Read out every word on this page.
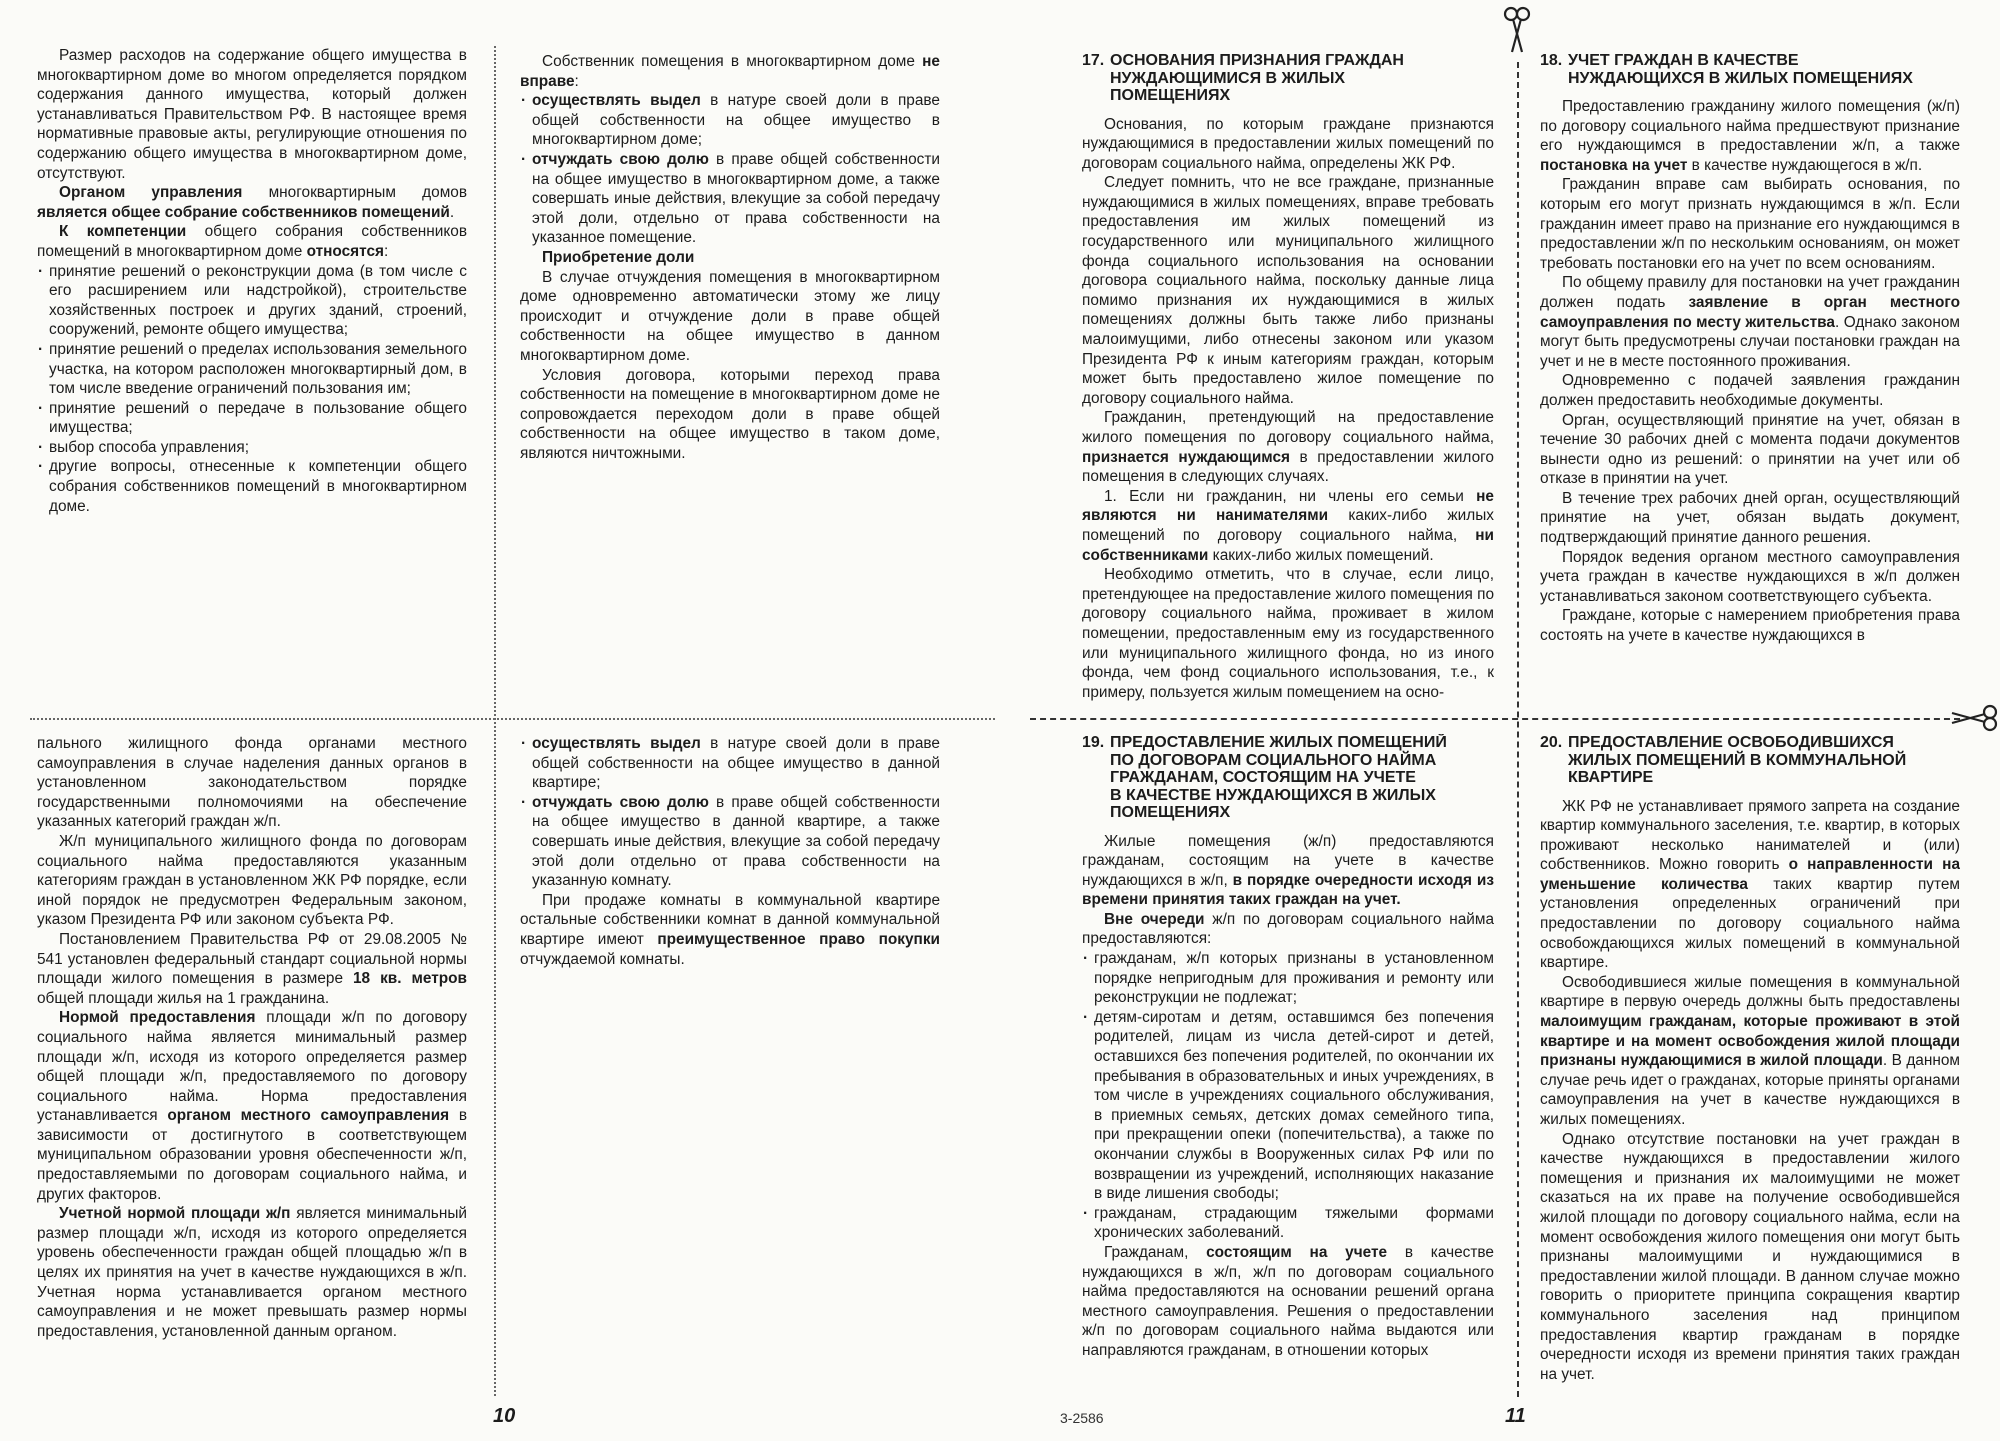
Размер расходов на содержание общего имущества в многоквартирном доме во многом определяется порядком содержания данного имущества, который должен устанавливаться Правительством РФ. В настоящее время нормативные правовые акты, регулирующие отношения по содержанию общего имущества в многоквартирном доме, отсутствуют.

Органом управления многоквартирным домов является общее собрание собственников помещений.

К компетенции общего собрания собственников помещений в многоквартирном доме относятся:

· принятие решений о реконструкции дома (в том числе с его расширением или надстройкой), строительстве хозяйственных построек и других зданий, строений, сооружений, ремонте общего имущества;
· принятие решений о пределах использования земельного участка, на котором расположен многоквартирный дом, в том числе введение ограничений пользования им;
· принятие решений о передаче в пользование общего имущества;
· выбор способа управления;
· другие вопросы, отнесенные к компетенции общего собрания собственников помещений в многоквартирном доме.

Собственник помещения в многоквартирном доме не вправе:

· осуществлять выдел в натуре своей доли в праве общей собственности на общее имущество в многоквартирном доме;
· отчуждать свою долю в праве общей собственности на общее имущество в многоквартирном доме, а также совершать иные действия, влекущие за собой передачу этой доли, отдельно от права собственности на указанное помещение.

Приобретение доли

В случае отчуждения помещения в многоквартирном доме одновременно автоматически этому же лицу происходит и отчуждение доли в праве общей собственности на общее имущество в данном многоквартирном доме.

Условия договора, которыми переход права собственности на помещение в многоквартирном доме не сопровождается переходом доли в праве общей собственности на общее имущество в таком доме, являются ничтожными.

пального жилищного фонда органами местного самоуправления в случае наделения данных органов в установленном законодательством порядке государственными полномочиями на обеспечение указанных категорий граждан ж/п.

Ж/п муниципального жилищного фонда по договорам социального найма предоставляются указанным категориям граждан в установленном ЖК РФ порядке, если иной порядок не предусмотрен Федеральным законом, указом Президента РФ или законом субъекта РФ.

Постановлением Правительства РФ от 29.08.2005 № 541 установлен федеральный стандарт социальной нормы площади жилого помещения в размере 18 кв. метров общей площади жилья на 1 гражданина.

Нормой предоставления площади ж/п по договору социального найма является минимальный размер площади ж/п, исходя из которого определяется размер общей площади ж/п, предоставляемого по договору социального найма. Норма предоставления устанавливается органом местного самоуправления в зависимости от достигнутого в соответствующем муниципальном образовании уровня обеспеченности ж/п, предоставляемыми по договорам социального найма, и других факторов.

Учетной нормой площади ж/п является минимальный размер площади ж/п, исходя из которого определяется уровень обеспеченности граждан общей площадью ж/п в целях их принятия на учет в качестве нуждающихся в ж/п. Учетная норма устанавливается органом местного самоуправления и не может превышать размер нормы предоставления, установленной данным органом.

· осуществлять выдел в натуре своей доли в праве общей собственности на общее имущество в данной квартире;
· отчуждать свою долю в праве общей собственности на общее имущество в данной квартире, а также совершать иные действия, влекущие за собой передачу этой доли отдельно от права собственности на указанную комнату.

При продаже комнаты в коммунальной квартире остальные собственники комнат в данной коммунальной квартире имеют преимущественное право покупки отчуждаемой комнаты.

10
17. ОСНОВАНИЯ ПРИЗНАНИЯ ГРАЖДАН
НУЖДАЮЩИМИСЯ В ЖИЛЫХ
ПОМЕЩЕНИЯХ

Основания, по которым граждане признаются нуждающимися в предоставлении жилых помещений по договорам социального найма, определены ЖК РФ.

Следует помнить, что не все граждане, признанные нуждающимися в жилых помещениях, вправе требовать предоставления им жилых помещений из государственного или муниципального жилищного фонда социального использования на основании договора социального найма, поскольку данные лица помимо признания их нуждающимися в жилых помещениях должны быть также либо признаны малоимущими, либо отнесены законом или указом Президента РФ к иным категориям граждан, которым может быть предоставлено жилое помещение по договору социального найма.

Гражданин, претендующий на предоставление жилого помещения по договору социального найма, признается нуждающимся в предоставлении жилого помещения в следующих случаях.

1. Если ни гражданин, ни члены его семьи не являются ни нанимателями каких-либо жилых помещений по договору социального найма, ни собственниками каких-либо жилых помещений.

Необходимо отметить, что в случае, если лицо, претендующее на предоставление жилого помещения по договору социального найма, проживает в жилом помещении, предоставленным ему из государственного или муниципального жилищного фонда, но из иного фонда, чем фонд социального использования, т.е., к примеру, пользуется жилым помещением на осно-

18. УЧЕТ ГРАЖДАН В КАЧЕСТВЕ
НУЖДАЮЩИХСЯ В ЖИЛЫХ ПОМЕЩЕНИЯХ

Предоставлению гражданину жилого помещения (ж/п) по договору социального найма предшествуют признание его нуждающимся в предоставлении ж/п, а также постановка на учет в качестве нуждающегося в ж/п.

Гражданин вправе сам выбирать основания, по которым его могут признать нуждающимся в ж/п. Если гражданин имеет право на признание его нуждающимся в предоставлении ж/п по нескольким основаниям, он может требовать постановки его на учет по всем основаниям.

По общему правилу для постановки на учет гражданин должен подать заявление в орган местного самоуправления по месту жительства. Однако законом могут быть предусмотрены случаи постановки граждан на учет и не в месте постоянного проживания.

Одновременно с подачей заявления гражданин должен предоставить необходимые документы.

Орган, осуществляющий принятие на учет, обязан в течение 30 рабочих дней с момента подачи документов вынести одно из решений: о принятии на учет или об отказе в принятии на учет.

В течение трех рабочих дней орган, осуществляющий принятие на учет, обязан выдать документ, подтверждающий принятие данного решения.

Порядок ведения органом местного самоуправления учета граждан в качестве нуждающихся в ж/п должен устанавливаться законом соответствующего субъекта.

Граждане, которые с намерением приобретения права состоять на учете в качестве нуждающихся в

19. ПРЕДОСТАВЛЕНИЕ ЖИЛЫХ ПОМЕЩЕНИЙ
ПО ДОГОВОРАМ СОЦИАЛЬНОГО НАЙМА
ГРАЖДАНАМ, СОСТОЯЩИМ НА УЧЕТЕ
В КАЧЕСТВЕ НУЖДАЮЩИХСЯ В ЖИЛЫХ
ПОМЕЩЕНИЯХ

Жилые помещения (ж/п) предоставляются гражданам, состоящим на учете в качестве нуждающихся в ж/п, в порядке очередности исходя из времени принятия таких граждан на учет.

Вне очереди ж/п по договорам социального найма предоставляются:

· гражданам, ж/п которых признаны в установленном порядке непригодным для проживания и ремонту или реконструкции не подлежат;
· детям-сиротам и детям, оставшимся без попечения родителей, лицам из числа детей-сирот и детей, оставшихся без попечения родителей, по окончании их пребывания в образовательных и иных учреждениях, в том числе в учреждениях социального обслуживания, в приемных семьях, детских домах семейного типа, при прекращении опеки (попечительства), а также по окончании службы в Вооруженных силах РФ или по возвращении из учреждений, исполняющих наказание в виде лишения свободы;
· гражданам, страдающим тяжелыми формами хронических заболеваний.

Гражданам, состоящим на учете в качестве нуждающихся в ж/п, ж/п по договорам социального найма предоставляются на основании решений органа местного самоуправления. Решения о предоставлении ж/п по договорам социального найма выдаются или направляются гражданам, в отношении которых

20. ПРЕДОСТАВЛЕНИЕ ОСВОБОДИВШИХСЯ
ЖИЛЫХ ПОМЕЩЕНИЙ В КОММУНАЛЬНОЙ
КВАРТИРЕ

ЖК РФ не устанавливает прямого запрета на создание квартир коммунального заселения, т.е. квартир, в которых проживают несколько нанимателей и (или) собственников. Можно говорить о направленности на уменьшение количества таких квартир путем установления определенных ограничений при предоставлении по договору социального найма освобождающихся жилых помещений в коммунальной квартире.

Освободившиеся жилые помещения в коммунальной квартире в первую очередь должны быть предоставлены малоимущим гражданам, которые проживают в этой квартире и на момент освобождения жилой площади признаны нуждающимися в жилой площади. В данном случае речь идет о гражданах, которые приняты органами самоуправления на учет в качестве нуждающихся в жилых помещениях.

Однако отсутствие постановки на учет граждан в качестве нуждающихся в предоставлении жилого помещения и признания их малоимущими не может сказаться на их праве на получение освободившейся жилой площади по договору социального найма, если на момент освобождения жилого помещения они могут быть признаны малоимущими и нуждающимися в предоставлении жилой площади. В данном случае можно говорить о приоритете принципа сокращения квартир коммунального заселения над принципом предоставления квартир гражданам в порядке очередности исходя из времени принятия таких граждан на учет.

3-2586	11
